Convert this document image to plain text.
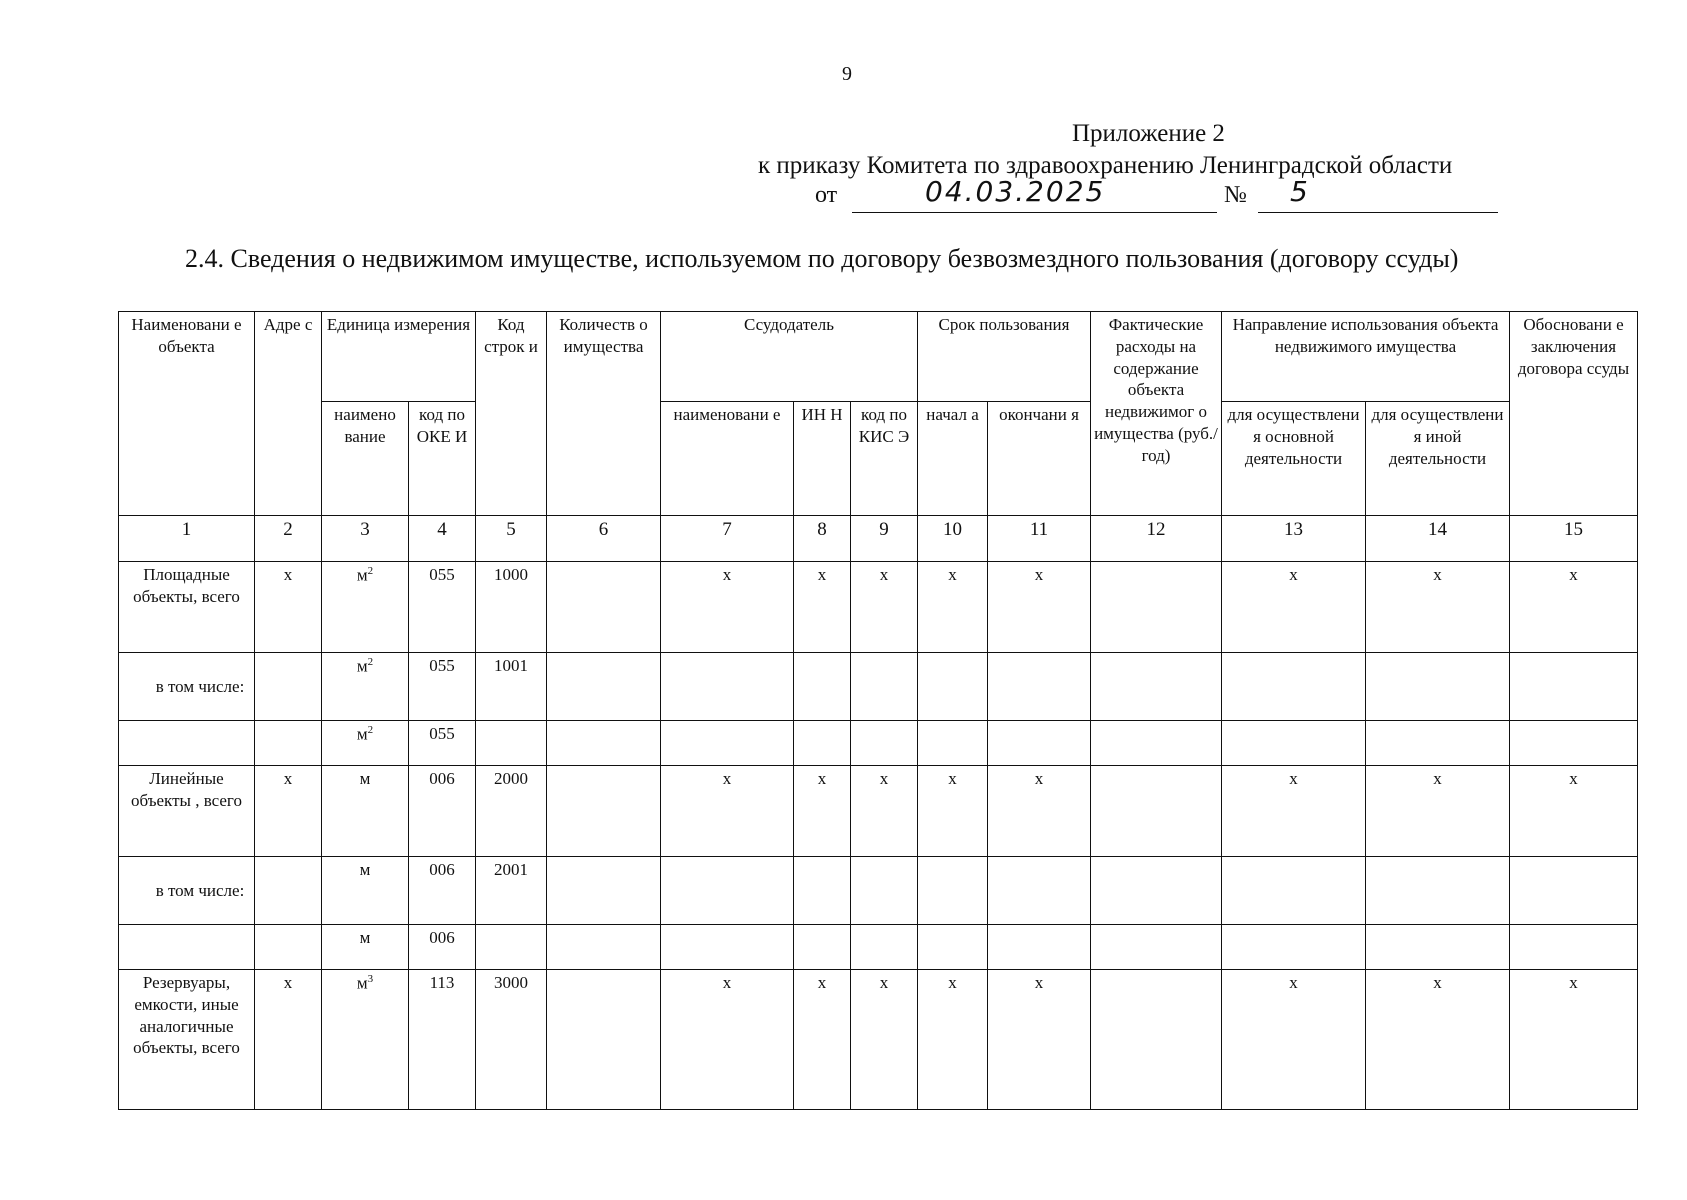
9
Приложение 2
к приказу Комитета по здравоохранению Ленинградской области
от	04.03.2025	№ 5
2.4. Сведения о недвижимом имуществе, используемом по договору безвозмездного пользования (договору ссуды)
Наименовани е объекта	Адре с	Единица измерения		Код строк и	Количеств о имущества	Ссудодатель			Срок пользования		Фактические расходы на содержание объекта недвижимог о имущества (руб./год)	Направление использования объекта недвижимого имущества		Обосновани е заключения договора ссуды
		наимено вание	код по ОКЕ И			наименовани е	ИН Н	код по КИС Э	начал а	окончани я		для осуществлени я основной деятельности	для осуществлени я иной деятельности	
1	2	3	4	5	6	7	8	9	10	11	12	13	14	15
Площадные объекты, всего	x	$м^2$	055	1000		x	x	x	x	x		x	x	x
в том числе:		$м^2$	055	1001										
		$м^2$	055											
Линейные объекты , всего	x	м	006	2000		x	x	x	x	x		x	x	x
в том числе:		м	006	2001										
		м	006											
Резервуары, емкости, иные аналогичные объекты, всего	x	$м^3$	113	3000		x	x	x	x	x		x	x	x
